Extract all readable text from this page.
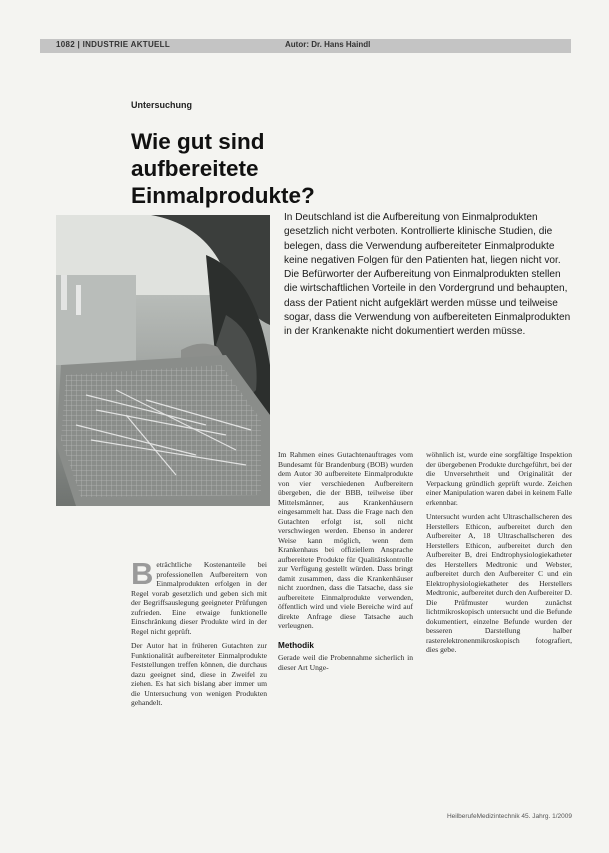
1082 | INDUSTRIE AKTUELL	Autor: Dr. Hans Haindl
Untersuchung
Wie gut sind
aufbereitete Einmalprodukte?
In Deutschland ist die Aufbereitung von Einmalprodukten gesetzlich nicht verboten. Kontrollierte klinische Studien, die belegen, dass die Verwendung aufbereiteter Einmalprodukte keine negativen Folgen für den Patienten hat, liegen nicht vor. Die Befürworter der Aufbereitung von Einmalprodukten stellen die wirtschaftlichen Vorteile in den Vordergrund und behaupten, dass der Patient nicht aufgeklärt werden müsse und teilweise sogar, dass die Verwendung von aufbereiteten Einmalprodukten in der Krankenakte nicht dokumentiert werden müsse.

Beträchtliche Kostenanteile bei professionellen Aufbereitern von Einmalprodukten erfolgen in der Regel vorab gesetzlich und geben sich mit der Begriffsauslegung geeigneter Prüfungen zufrieden. Eine etwaige funktionelle Einschränkung dieser Produkte wird in der Regel nicht geprüft.

Der Autor hat in früheren Gutachten zur Funktionalität aufbereiteter Einmalprodukte Feststellungen treffen können, die durchaus dazu geeignet sind, diese in Zweifel zu ziehen. Es hat sich bislang aber immer um die Untersuchung von wenigen Produkten gehandelt.

Im Rahmen eines Gutachtenauftrages vom Bundesamt für Brandenburg (BOB) wurden dem Autor 30 aufbereitete Einmalprodukte von vier verschiedenen Aufbereitern übergeben, die der BBB, teilweise über Mittelsmänner, aus Krankenhäusern eingesammelt hat. Dass die Frage nach den Gutachten erfolgt ist, soll nicht verschwiegen werden. Ebenso in anderer Weise kann möglich, wenn dem Krankenhaus bei offiziellem Ansprache aufbereitete Produkte für Qualitätskontrolle zur Verfügung gestellt würden. Dass bringt damit zusammen, dass die Krankenhäuser nicht zuordnen, dass die Tatsache, dass sie aufbereitete Einmalprodukte verwenden, öffentlich wird und viele Bereiche wird auf direkte Anfrage diese Tatsache auch verleugnen.

Methodik

Gerade weil die Probennahme sicherlich in dieser Art Unge-

wöhnlich ist, wurde eine sorgfältige Inspektion der übergebenen Produkte durchgeführt, bei der die Unversehrtheit und Originalität der Verpackung gründlich geprüft wurde. Zeichen einer Manipulation waren dabei in keinem Falle erkennbar.

Untersucht wurden acht Ultraschallscheren des Herstellers Ethicon, aufbereitet durch den Aufbereiter A, 18 Ultraschallscheren des Herstellers Ethicon, aufbereitet durch den Aufbereiter B, drei Endtrophysiologiekatheter des Herstellers Medtronic und Webster, aufbereitet durch den Aufbereiter C und ein Elektrophysiologiekatheter des Herstellers Medtronic, aufbereitet durch den Aufbereiter D. Die Prüfmuster wurden zunächst lichtmikroskopisch untersucht und die Befunde dokumentiert, einzelne Befunde wurden der besseren Darstellung halber rasterelektronenmikroskopisch fotografiert, dies gebe.

HeilberufeMedizintechnik 45. Jahrg. 1/2009
